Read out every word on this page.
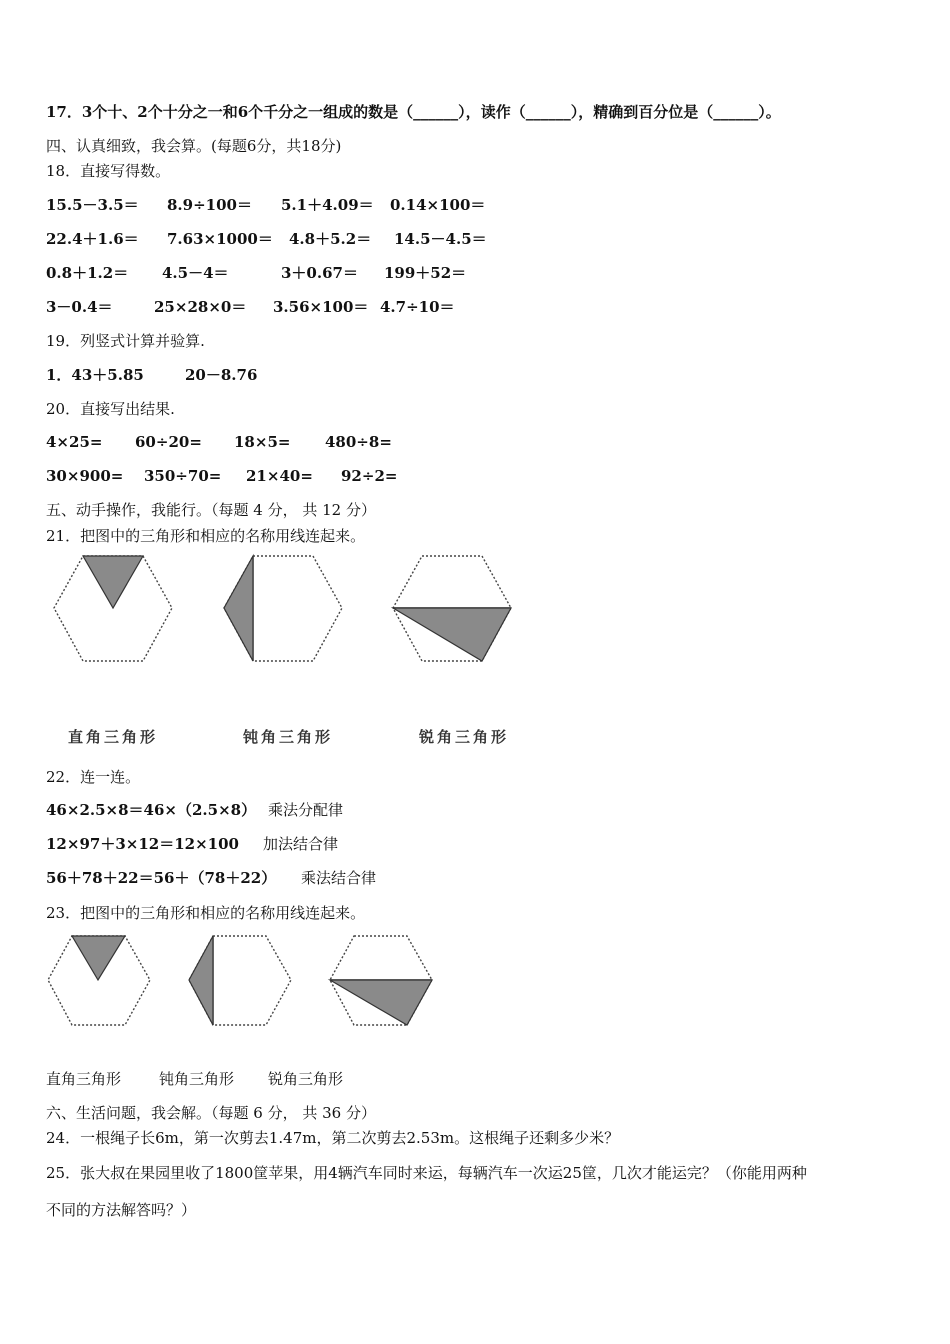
17．3个十、2个十分之一和6个千分之一组成的数是（______），读作（______），精确到百分位是（______）。
四、认真细致，我会算。(每题6分，共18分)
18．直接写得数。
15.5－3.5＝ 8.9÷100＝ 5.1＋4.09＝ 0.14×100＝
22.4＋1.6＝ 7.63×1000＝ 4.8＋5.2＝ 14.5－4.5＝
0.8＋1.2＝ 4.5－4＝	3＋0.67＝ 199＋52＝
3－0.4＝	25×28×0＝ 3.56×100＝ 4.7÷10＝
19．列竖式计算并验算.
1．43＋5.85	20－8.76
20．直接写出结果.
4×25= 60÷20= 18×5= 480÷8=
30×900= 350÷70= 21×40= 92÷2=
五、动手操作，我能行。（每题 4 分， 共 12 分）
21．把图中的三角形和相应的名称用线连起来。
直角三角形	钝角三角形	锐角三角形
22．连一连。
46×2.5×8＝46×（2.5×8） 乘法分配律
12×97＋3×12＝12×100 加法结合律
56＋78＋22＝56＋（78＋22） 乘法结合律
23．把图中的三角形和相应的名称用线连起来。
直角三角形	钝角三角形 锐角三角形
六、生活问题，我会解。（每题 6 分， 共 36 分）
24．一根绳子长6m，第一次剪去1.47m，第二次剪去2.53m。这根绳子还剩多少米？
25．张大叔在果园里收了1800筐苹果，用4辆汽车同时来运，每辆汽车一次运25筐，几次才能运完？（你能用两种
不同的方法解答吗？）
